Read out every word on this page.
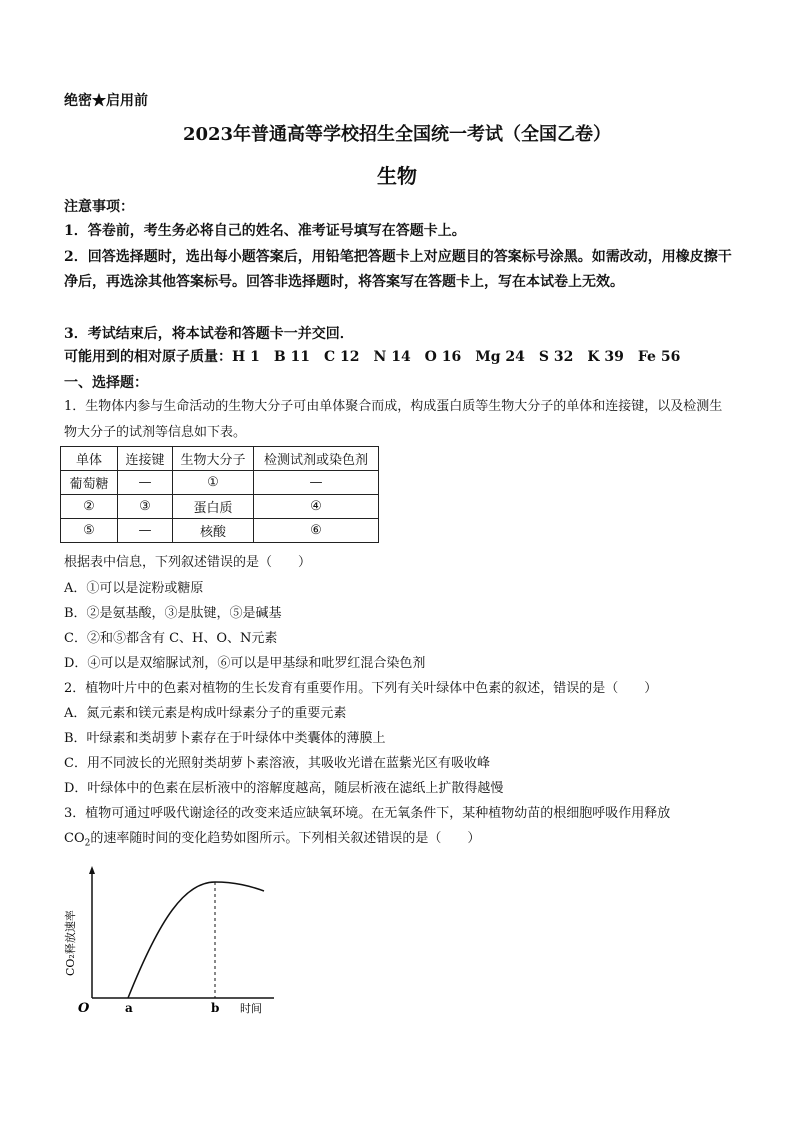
绝密★启用前
2023年普通高等学校招生全国统一考试（全国乙卷）
生物
注意事项：
1．答卷前，考生务必将自己的姓名、准考证号填写在答题卡上。
2．回答选择题时，选出每小题答案后，用铅笔把答题卡上对应题目的答案标号涂黑。如需改动，用橡皮擦干净后，再选涂其他答案标号。回答非选择题时，将答案写在答题卡上，写在本试卷上无效。
3．考试结束后，将本试卷和答题卡一并交回．
可能用到的相对原子质量：H 1　B 11　C 12　N 14　O 16　Mg 24　S 32　K 39　Fe 56
一、选择题：
1．生物体内参与生命活动的生物大分子可由单体聚合而成，构成蛋白质等生物大分子的单体和连接键，以及检测生物大分子的试剂等信息如下表。
单体	连接键	生物大分子	检测试剂或染色剂
葡萄糖	—	①	—
②	③	蛋白质	④
⑤	—	核酸	⑥
根据表中信息，下列叙述错误的是（　　）
A．①可以是淀粉或糖原
B．②是氨基酸，③是肽键，⑤是碱基
C．②和⑤都含有 C、H、O、N元素
D．④可以是双缩脲试剂，⑥可以是甲基绿和吡罗红混合染色剂
2．植物叶片中的色素对植物的生长发育有重要作用。下列有关叶绿体中色素的叙述，错误的是（　　）
A．氮元素和镁元素是构成叶绿素分子的重要元素
B．叶绿素和类胡萝卜素存在于叶绿体中类囊体的薄膜上
C．用不同波长的光照射类胡萝卜素溶液，其吸收光谱在蓝紫光区有吸收峰
D．叶绿体中的色素在层析液中的溶解度越高，随层析液在滤纸上扩散得越慢
3．植物可通过呼吸代谢途径的改变来适应缺氧环境。在无氧条件下，某种植物幼苗的根细胞呼吸作用释放
$CO_2$的速率随时间的变化趋势如图所示。下列相关叙述错误的是（　　）
CO₂释放速率
O	a	b 时间
